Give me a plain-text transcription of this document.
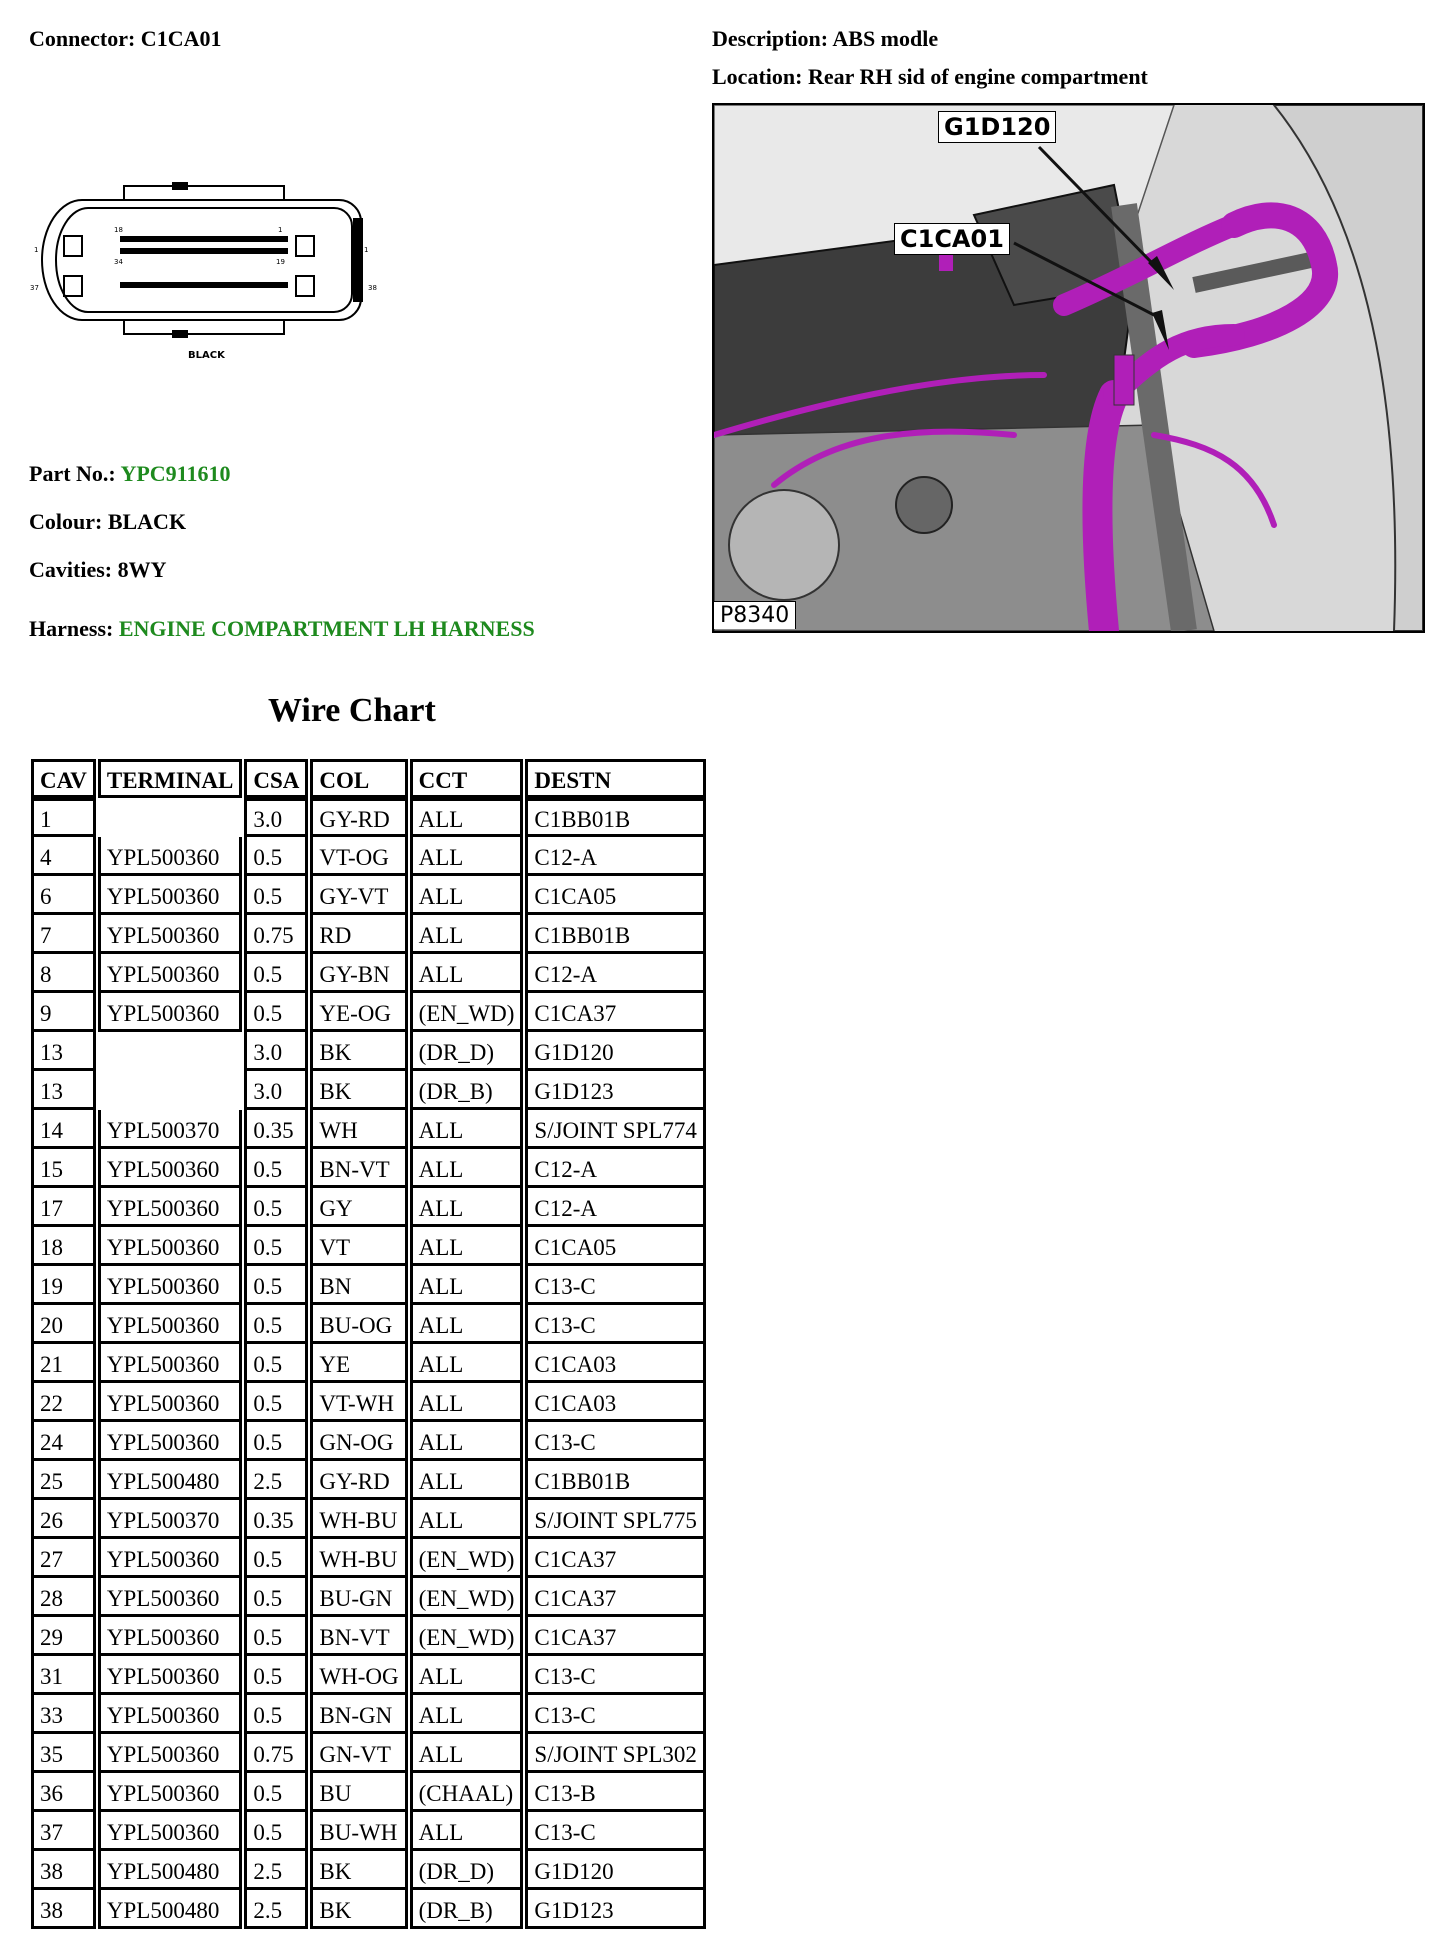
Connector: C1CA01	Description: ABS modle
Location: Rear RH sid of engine compartment
18	1
34	19
1
37	38
1
BLACK
Part No.: YPC911610
Colour: BLACK
Cavities: 8WY
Harness: ENGINE COMPARTMENT LH HARNESS
G1D120
C1CA01
P8340
Wire Chart
CAV	TERMINAL	CSA	COL	CCT	DESTN
1		3.0	GY-RD	ALL	C1BB01B
4	YPL500360	0.5	VT-OG	ALL	C12-A
6	YPL500360	0.5	GY-VT	ALL	C1CA05
7	YPL500360	0.75	RD	ALL	C1BB01B
8	YPL500360	0.5	GY-BN	ALL	C12-A
9	YPL500360	0.5	YE-OG	(EN_WD)	C1CA37
13		3.0	BK	(DR_D)	G1D120
13		3.0	BK	(DR_B)	G1D123
14	YPL500370	0.35	WH	ALL	S/JOINT SPL774
15	YPL500360	0.5	BN-VT	ALL	C12-A
17	YPL500360	0.5	GY	ALL	C12-A
18	YPL500360	0.5	VT	ALL	C1CA05
19	YPL500360	0.5	BN	ALL	C13-C
20	YPL500360	0.5	BU-OG	ALL	C13-C
21	YPL500360	0.5	YE	ALL	C1CA03
22	YPL500360	0.5	VT-WH	ALL	C1CA03
24	YPL500360	0.5	GN-OG	ALL	C13-C
25	YPL500480	2.5	GY-RD	ALL	C1BB01B
26	YPL500370	0.35	WH-BU	ALL	S/JOINT SPL775
27	YPL500360	0.5	WH-BU	(EN_WD)	C1CA37
28	YPL500360	0.5	BU-GN	(EN_WD)	C1CA37
29	YPL500360	0.5	BN-VT	(EN_WD)	C1CA37
31	YPL500360	0.5	WH-OG	ALL	C13-C
33	YPL500360	0.5	BN-GN	ALL	C13-C
35	YPL500360	0.75	GN-VT	ALL	S/JOINT SPL302
36	YPL500360	0.5	BU	(CHAAL)	C13-B
37	YPL500360	0.5	BU-WH	ALL	C13-C
38	YPL500480	2.5	BK	(DR_D)	G1D120
38	YPL500480	2.5	BK	(DR_B)	G1D123
